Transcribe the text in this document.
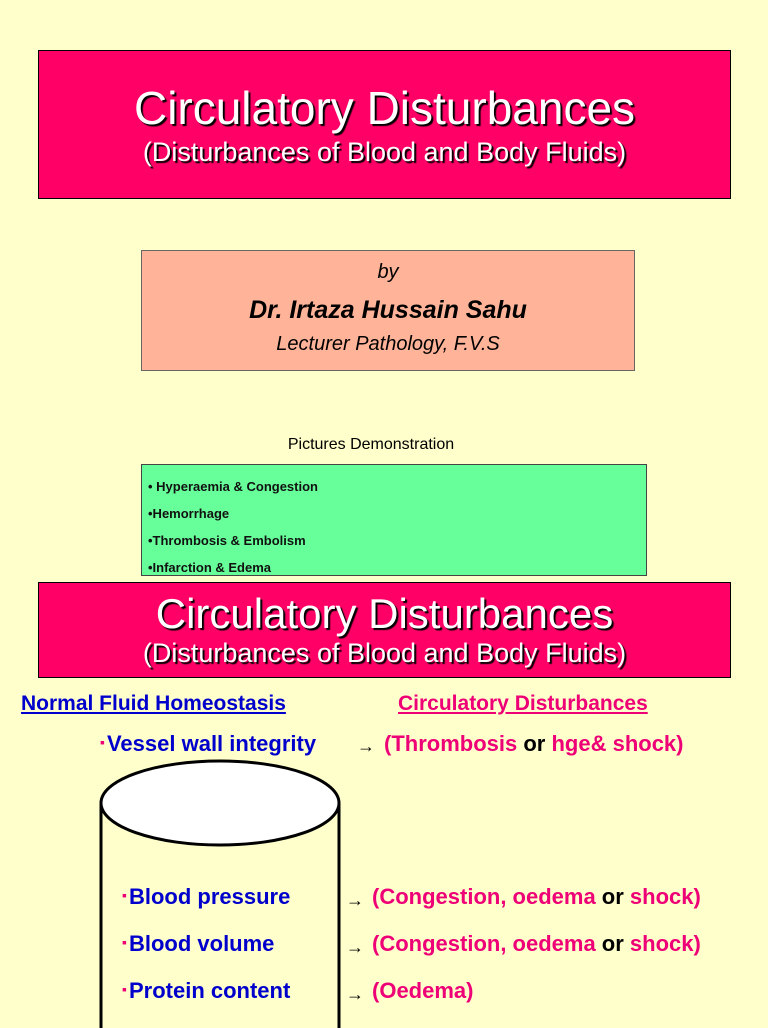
Circulatory Disturbances
(Disturbances of Blood and Body Fluids)
by
Dr. Irtaza Hussain Sahu
Lecturer Pathology, F.V.S
Pictures Demonstration
• Hyperaemia & Congestion
•Hemorrhage
•Thrombosis & Embolism
•Infarction & Edema
Circulatory Disturbances
(Disturbances of Blood and Body Fluids)
Normal Fluid Homeostasis	Circulatory Disturbances
▪Vessel wall integrity → (Thrombosis or hge& shock)
▪Blood pressure	→ (Congestion, oedema or shock)
▪Blood volume	→ (Congestion, oedema or shock)
▪Protein content	→ (Oedema)
